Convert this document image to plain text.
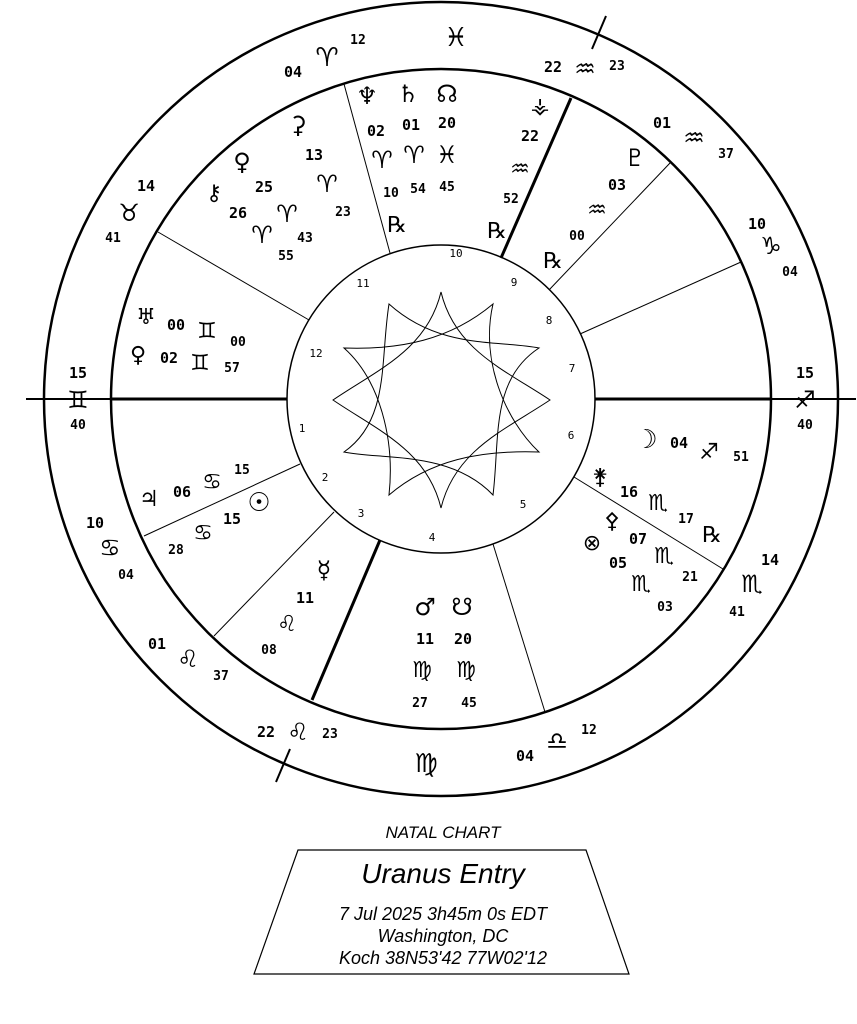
10
9
8
7
6
5
4
3
2
1
12
11
♓
04 ♈
12
22 ♒ 23
01
♒
37
10
♑
04
15
♐
40
14
♏
41
04
♎ 12
♍
22 ♌ 23
01
♌
37
10
♋
04
15
♊
40
14
♉
41
♆
02
♈
10
℞
♄
01
♈
54
☊
20
♓
45
℞
⚶
22
♒
52
♇
03
♒
00
℞
⚳
13
♈
23
♀
25
♈
43
⚷
26
♈
55
♅ 00 ♊ 00
♀ 02 ♊ 57
♃ 06 ♋ 15
☉
15
♋
28
☿
11
♌
08
♂
11
♍
27
☋
20
♍
45
☽ 04 ♐ 51
⚵
16 ♏
17
℞
⚴
07
♏
21
⊗
05
♏
03
NATAL CHART
Uranus Entry
7 Jul 2025 3h45m 0s EDT
Washington, DC
Koch 38N53'42 77W02'12
